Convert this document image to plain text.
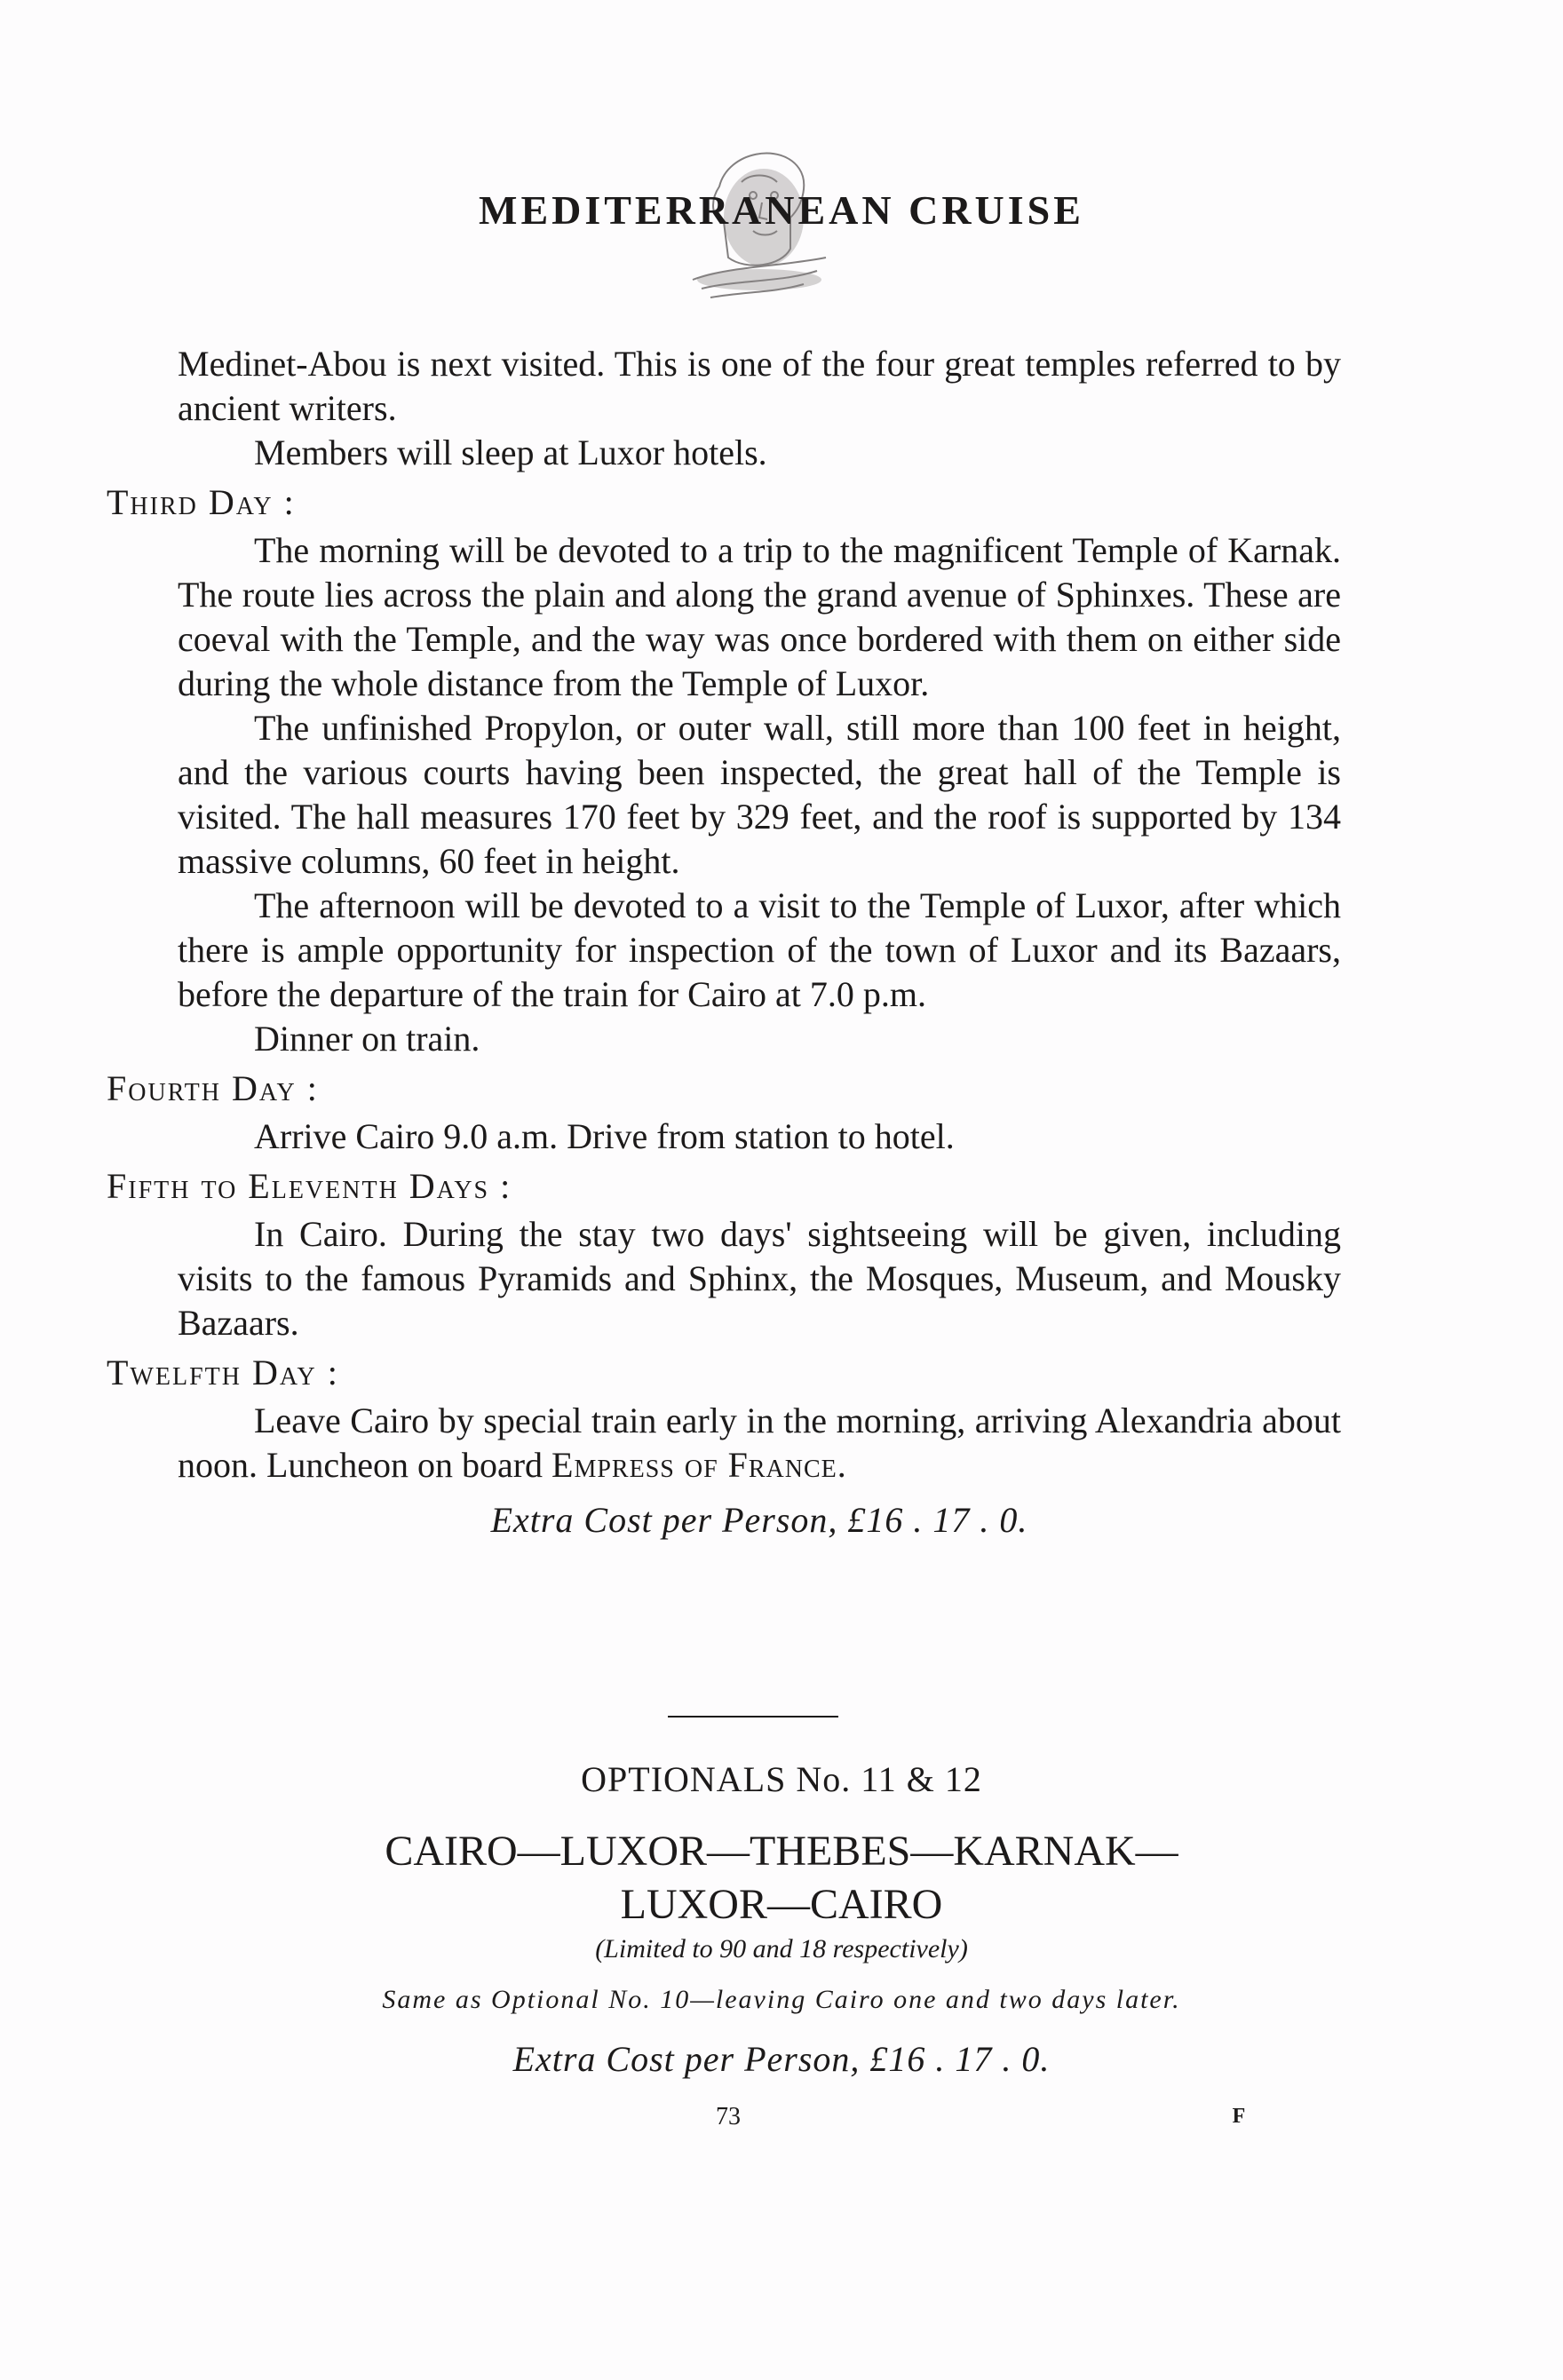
MEDITERRANEAN CRUISE

Medinet-Abou is next visited. This is one of the four great temples referred to by ancient writers.

Members will sleep at Luxor hotels.

Third Day :

The morning will be devoted to a trip to the magnificent Temple of Karnak. The route lies across the plain and along the grand avenue of Sphinxes. These are coeval with the Temple, and the way was once bordered with them on either side during the whole distance from the Temple of Luxor.

The unfinished Propylon, or outer wall, still more than 100 feet in height, and the various courts having been inspected, the great hall of the Temple is visited. The hall measures 170 feet by 329 feet, and the roof is supported by 134 massive columns, 60 feet in height.

The afternoon will be devoted to a visit to the Temple of Luxor, after which there is ample opportunity for inspection of the town of Luxor and its Bazaars, before the departure of the train for Cairo at 7.0 p.m.

Dinner on train.

Fourth Day :

Arrive Cairo 9.0 a.m. Drive from station to hotel.

Fifth to Eleventh Days :

In Cairo. During the stay two days' sightseeing will be given, including visits to the famous Pyramids and Sphinx, the Mosques, Museum, and Mousky Bazaars.

Twelfth Day :

Leave Cairo by special train early in the morning, arriving Alexandria about noon. Luncheon on board Empress of France.

Extra Cost per Person, £16 . 17 . 0.

OPTIONALS No. 11 & 12
CAIRO—LUXOR—THEBES—KARNAK—
LUXOR—CAIRO
(Limited to 90 and 18 respectively)
Same as Optional No. 10—leaving Cairo one and two days later.
Extra Cost per Person, £16 . 17 . 0.
73	F
